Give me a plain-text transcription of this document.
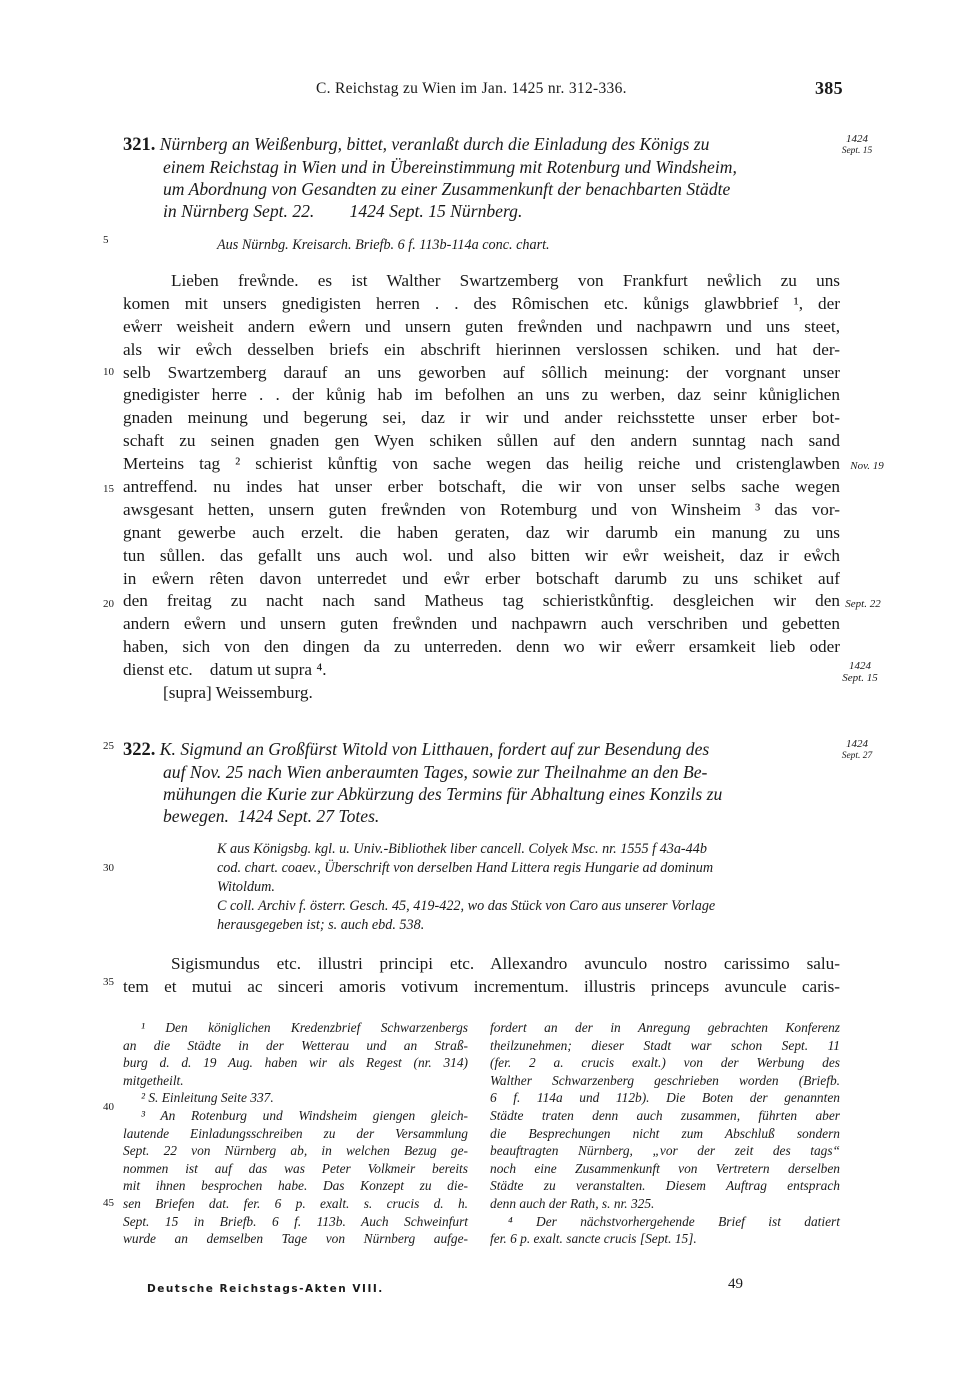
C. Reichstag zu Wien im Jan. 1425 nr. 312-336.	385
5
10
15
20
25
30
35
40
45
321. Nürnberg an Weißenburg, bittet, veranlaßt durch die Einladung des Königs zu

einem Reichstag in Wien und in Übereinstimmung mit Rotenburg und Windsheim,
um Abordnung von Gesandten zu einer Zusammenkunft der benachbarten Städte
in Nürnberg Sept. 22.        1424 Sept. 15 Nürnberg.
1424
Sept. 15
Aus Nürnbg. Kreisarch. Briefb. 6 f. 113b-114a conc. chart.
Lieben freẘnde. es ist Walther Swartzemberg von Frankfurt neẘlich zu uns
komen mit unsers gnedigisten herren . . des Rômischen etc. kůnigs glawbbrief ¹, der
eẘerr weisheit andern eẘern und unsern guten freẘnden und nachpawrn und uns steet,
als wir eẘch desselben briefs ein abschrift hierinnen verslossen schiken. und hat der-
selb Swartzemberg darauf an uns geworben auf sôllich meinung: der vorgnant unser
gnedigister herre . . der kůnig hab im befolhen an uns zu werben, daz seinr kůniglichen
gnaden meinung und begerung sei, daz ir wir und ander reichsstette unser erber bot-
schaft zu seinen gnaden gen Wyen schiken sůllen auf den andern sunntag nach sand
Merteins tag ² schierist kůnftig von sache wegen das heilig reiche und cristenglawben
antreffend. nu indes hat unser erber botschaft, die wir von unser selbs sache wegen
awsgesant hetten, unsern guten freẘnden von Rotemburg und von Winsheim ³ das vor-
gnant gewerbe auch erzelt. die haben geraten, daz wir darumb ein manung zu uns
tun sůllen. das gefallt uns auch wol. und also bitten wir eẘr weisheit, daz ir eẘch
in eẘern rêten davon unterredet und eẘr erber botschaft darumb zu uns schiket auf
den freitag zu nacht nach sand Matheus tag schieristkůnftig. desgleichen wir den
andern eẘern und unsern guten freẘnden und nachpawrn auch verschriben und gebetten
haben, sich von den dingen da zu unterreden. denn wo wir eẘerr ersamkeit lieb oder
dienst etc.    datum ut supra ⁴.
[supra] Weissemburg.
Nov. 19
Sept. 22
1424
Sept. 15
322. K. Sigmund an Großfürst Witold von Litthauen, fordert auf zur Besendung des

auf Nov. 25 nach Wien anberaumten Tages, sowie zur Theilnahme an den Be-
mühungen die Kurie zur Abkürzung des Termins für Abhaltung eines Konzils zu
bewegen.  1424 Sept. 27 Totes.
1424
Sept. 27
K aus Königsbg. kgl. u. Univ.-Bibliothek liber cancell. Colyek Msc. nr. 1555 f 43a-44b
cod. chart. coaev., Überschrift von derselben Hand Littera regis Hungarie ad dominum
Witoldum.
C coll. Archiv f. österr. Gesch. 45, 419-422, wo das Stück von Caro aus unserer Vorlage
herausgegeben ist; s. auch ebd. 538.
Sigismundus etc. illustri principi etc. Allexandro avunculo nostro carissimo salu-
tem et mutui ac sinceri amoris votivum incrementum. illustris princeps avuncule caris-
¹ Den königlichen Kredenzbrief Schwarzenbergs
an die Städte in der Wetterau und an Straß-
burg d. d. 19 Aug. haben wir als Regest (nr. 314)
mitgetheilt.
² S. Einleitung Seite 337.
³ An Rotenburg und Windsheim giengen gleich-
lautende Einladungsschreiben zu der Versammlung
Sept. 22 von Nürnberg ab, in welchen Bezug ge-
nommen ist auf das was Peter Volkmeir bereits
mit ihnen besprochen habe. Das Konzept zu die-
sen Briefen dat. fer. 6 p. exalt. s. crucis d. h.
Sept. 15 in Briefb. 6 f. 113b. Auch Schweinfurt
wurde an demselben Tage von Nürnberg aufge-
fordert an der in Anregung gebrachten Konferenz
theilzunehmen; dieser Stadt war schon Sept. 11
(fer. 2 a. crucis exalt.) von der Werbung des
Walther Schwarzenberg geschrieben worden (Briefb.
6 f. 114a und 112b). Die Boten der genannten
Städte traten denn auch zusammen, führten aber
die Besprechungen nicht zum Abschluß sondern
beauftragten Nürnberg, „vor der zeit des tags“
noch eine Zusammenkunft von Vertretern derselben
Städte zu veranstalten. Diesem Auftrag entsprach
denn auch der Rath, s. nr. 325.
⁴ Der nächstvorhergehende Brief ist datiert
fer. 6 p. exalt. sancte crucis [Sept. 15].
Deutsche Reichstags-Akten VIII.	49
